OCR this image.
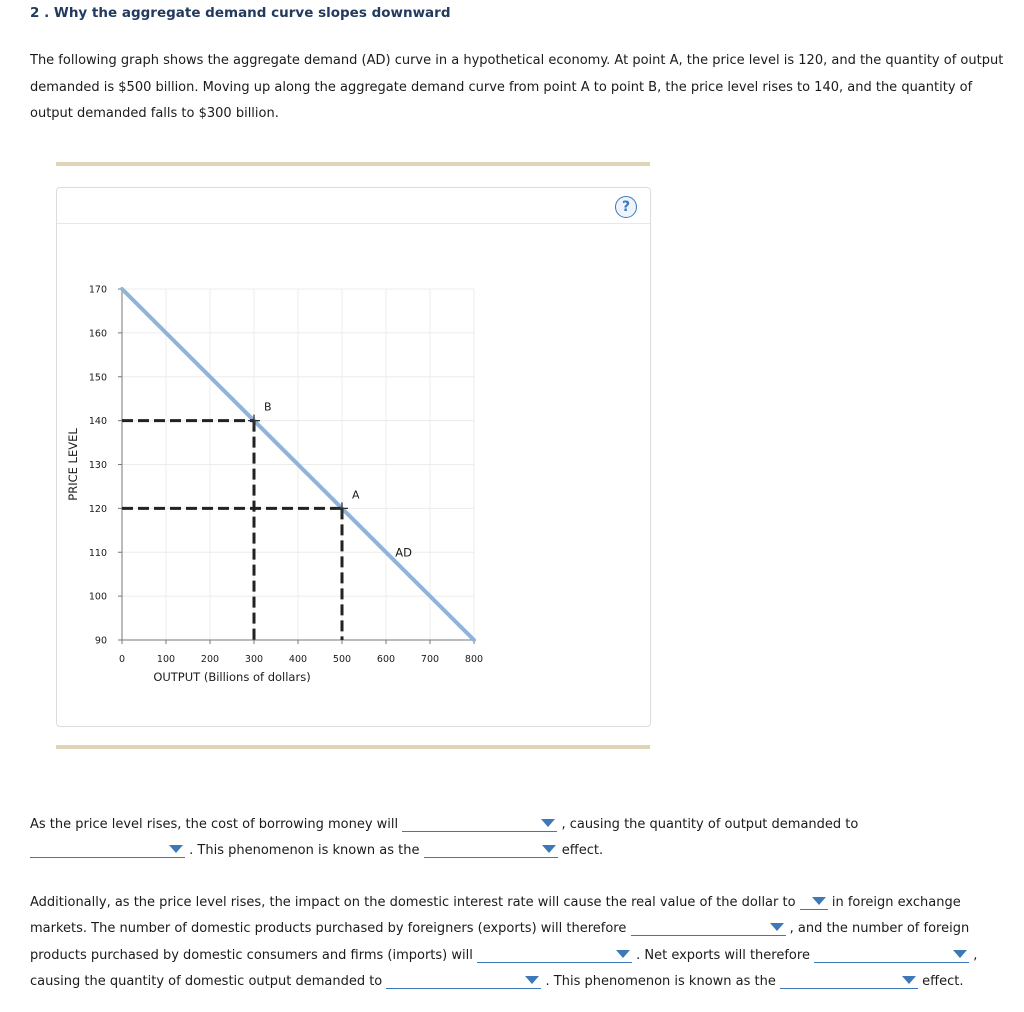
2 . Why the aggregate demand curve slopes downward
The following graph shows the aggregate demand (AD) curve in a hypothetical economy. At point A, the price level is 120, and the quantity of output
demanded is $500 billion. Moving up along the aggregate demand curve from point A to point B, the price level rises to 140, and the quantity of
output demanded falls to $300 billion.
?
90
100
110
120
130
140
150
160
170
0	100	200	300	400	500	600	700	800
OUTPUT (Billions of dollars)
PRICE LEVEL
B
A
AD
As the price level rises, the cost of borrowing money will	, causing the quantity of output demanded to
. This phenomenon is known as the	effect.
Additionally, as the price level rises, the impact on the domestic interest rate will cause the real value of the dollar to	in foreign exchange
markets. The number of domestic products purchased by foreigners (exports) will therefore	, and the number of foreign
products purchased by domestic consumers and firms (imports) will	. Net exports will therefore	,
causing the quantity of domestic output demanded to	. This phenomenon is known as the	effect.
